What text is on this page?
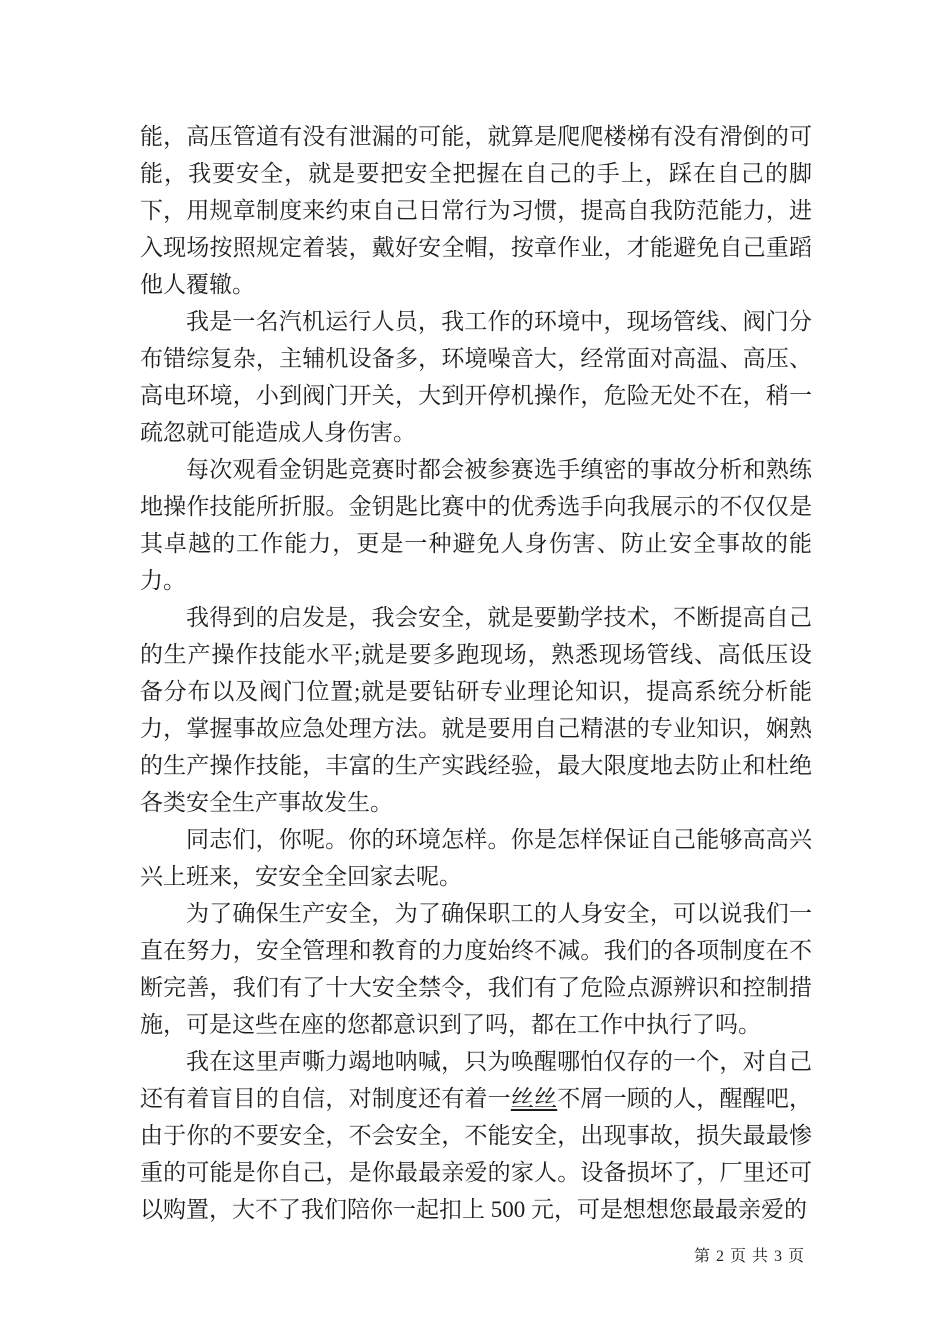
能，高压管道有没有泄漏的可能，就算是爬爬楼梯有没有滑倒的可能，我要安全，就是要把安全把握在自己的手上，踩在自己的脚下，用规章制度来约束自己日常行为习惯，提高自我防范能力，进入现场按照规定着装，戴好安全帽，按章作业，才能避免自己重蹈他人覆辙。

我是一名汽机运行人员，我工作的环境中，现场管线、阀门分布错综复杂，主辅机设备多，环境噪音大，经常面对高温、高压、高电环境，小到阀门开关，大到开停机操作，危险无处不在，稍一疏忽就可能造成人身伤害。

每次观看金钥匙竞赛时都会被参赛选手缜密的事故分析和熟练地操作技能所折服。金钥匙比赛中的优秀选手向我展示的不仅仅是其卓越的工作能力，更是一种避免人身伤害、防止安全事故的能力。

我得到的启发是，我会安全，就是要勤学技术，不断提高自己的生产操作技能水平;就是要多跑现场，熟悉现场管线、高低压设备分布以及阀门位置;就是要钻研专业理论知识，提高系统分析能力，掌握事故应急处理方法。就是要用自己精湛的专业知识，娴熟的生产操作技能，丰富的生产实践经验，最大限度地去防止和杜绝各类安全生产事故发生。

同志们，你呢。你的环境怎样。你是怎样保证自己能够高高兴兴上班来，安安全全回家去呢。

为了确保生产安全，为了确保职工的人身安全，可以说我们一直在努力，安全管理和教育的力度始终不减。我们的各项制度在不断完善，我们有了十大安全禁令，我们有了危险点源辨识和控制措施，可是这些在座的您都意识到了吗，都在工作中执行了吗。

我在这里声嘶力竭地呐喊，只为唤醒哪怕仅存的一个，对自己还有着盲目的自信，对制度还有着一丝丝不屑一顾的人，醒醒吧，由于你的不要安全，不会安全，不能安全，出现事故，损失最最惨重的可能是你自己，是你最最亲爱的家人。设备损坏了，厂里还可以购置，大不了我们陪你一起扣上 500 元，可是想想您最最亲爱的

第 2 页 共 3 页
